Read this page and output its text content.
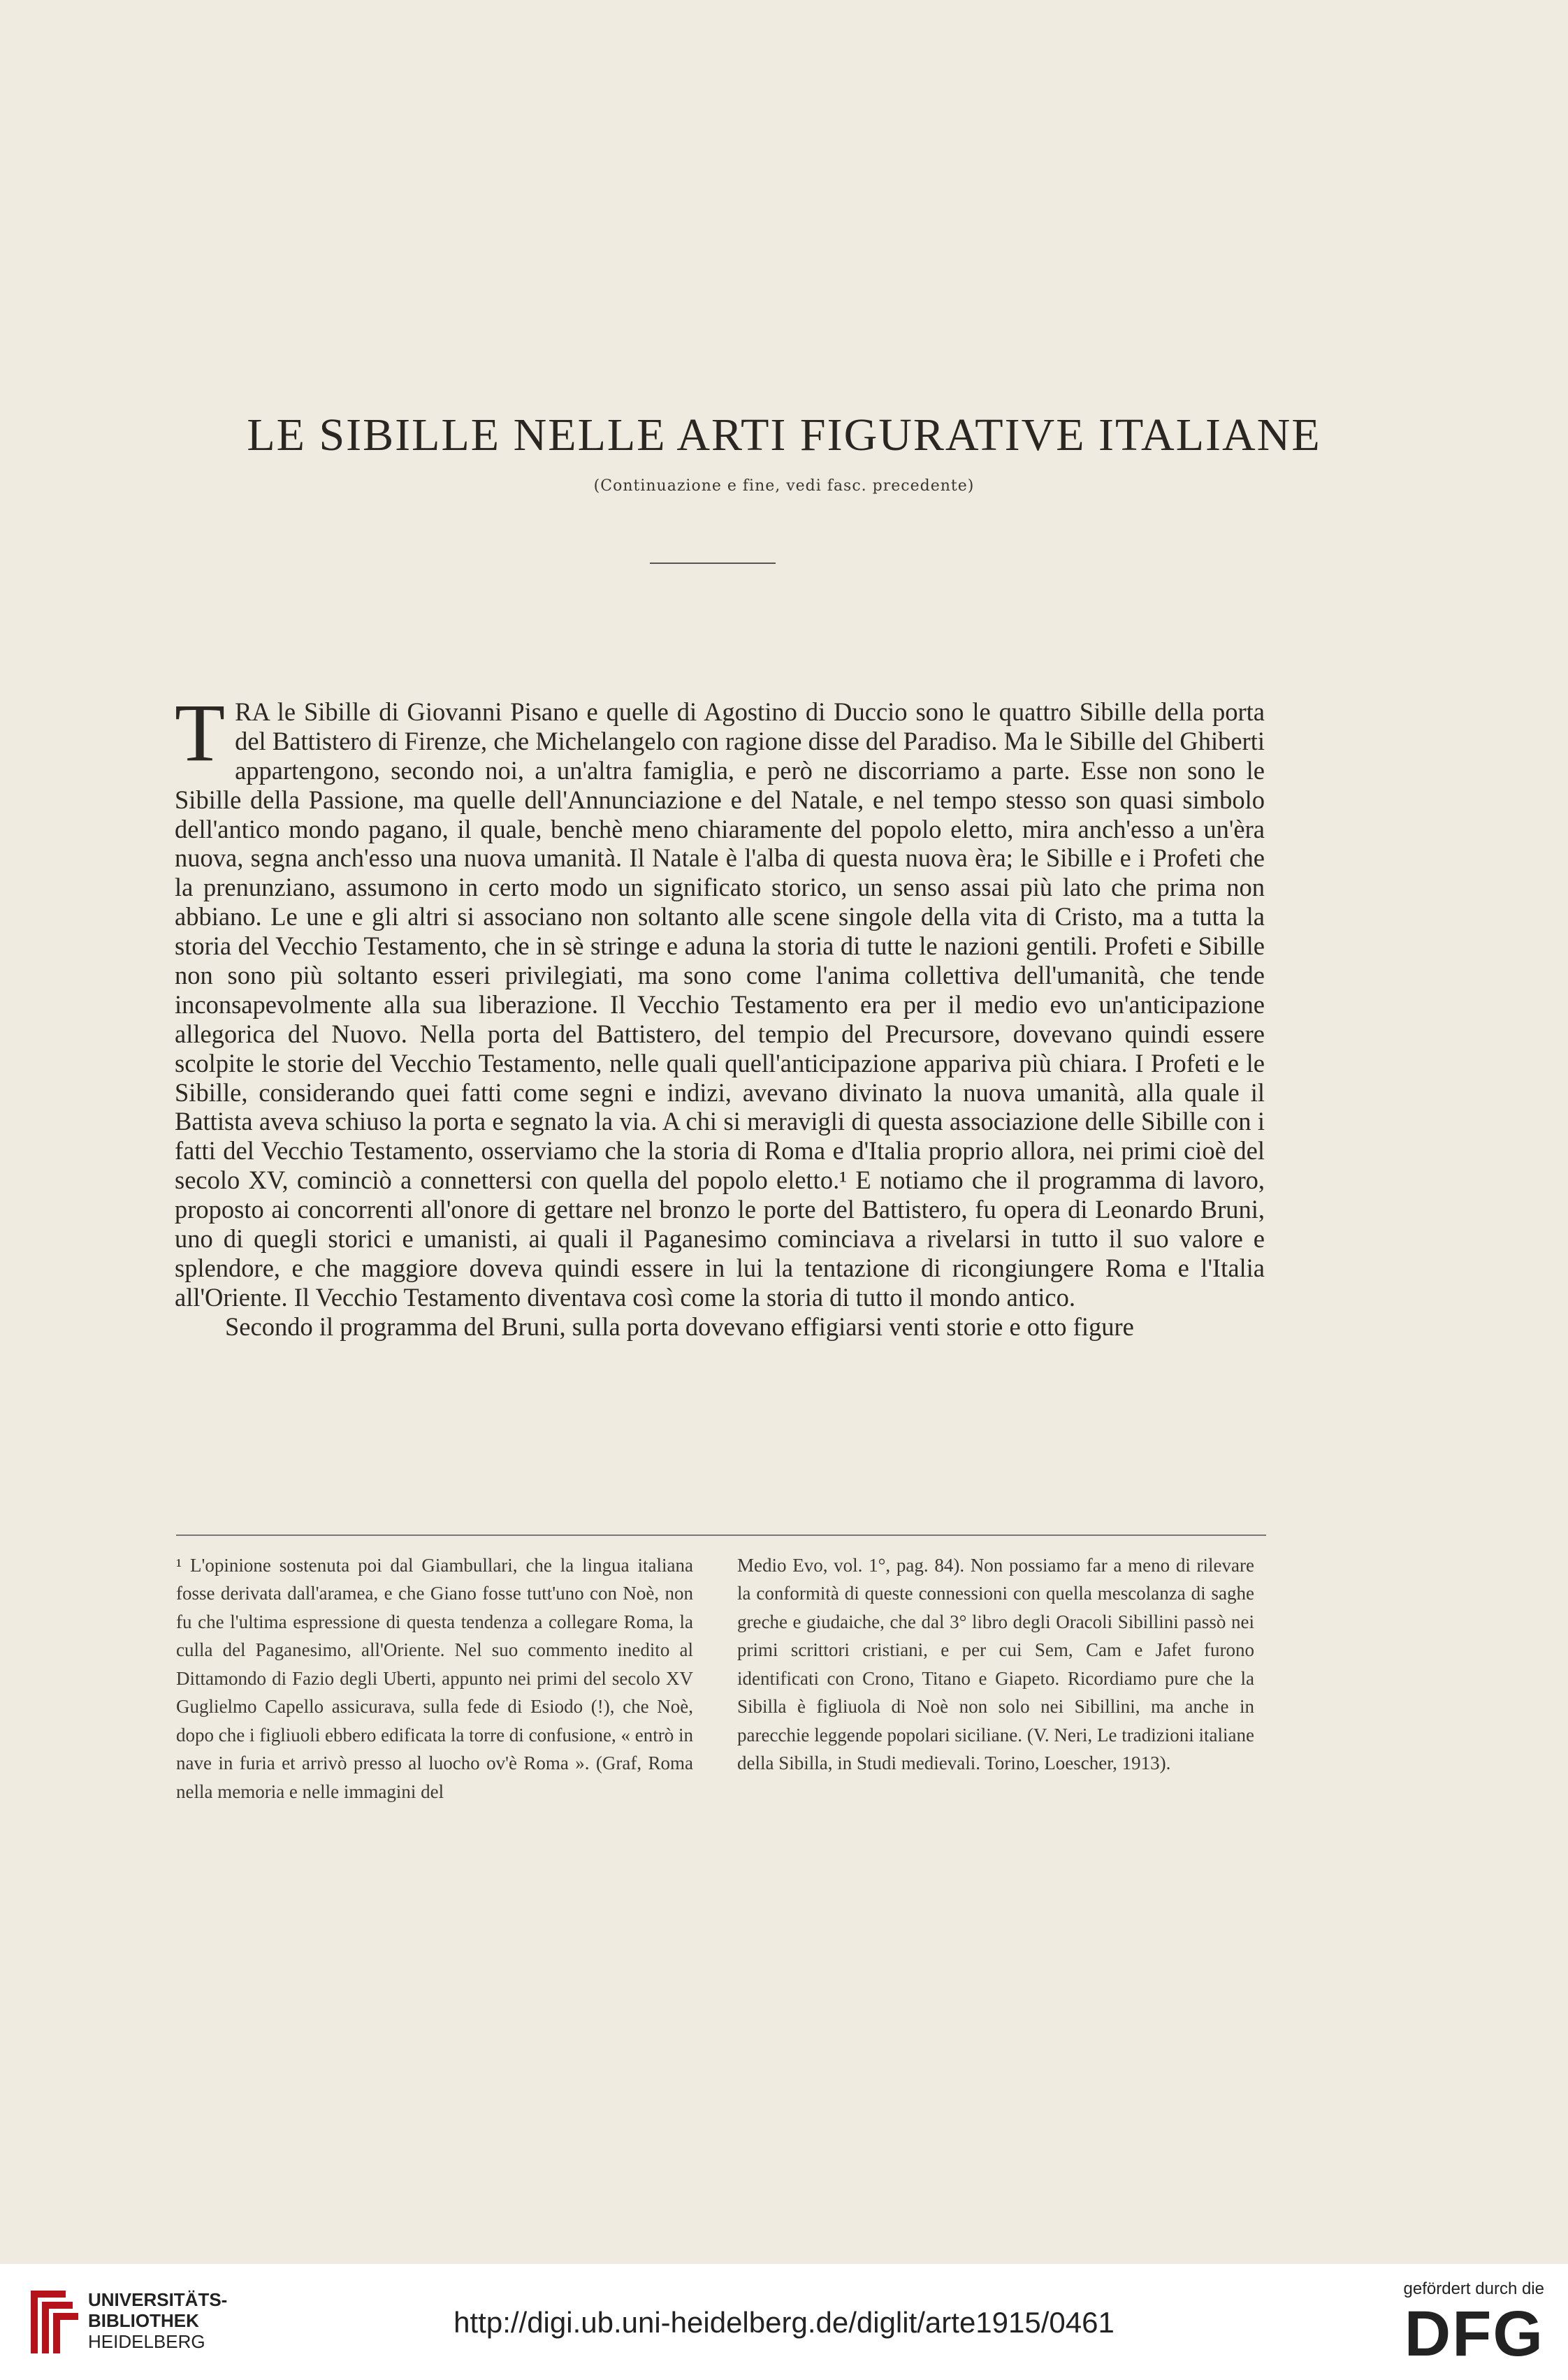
LE SIBILLE NELLE ARTI FIGURATIVE ITALIANE
(Continuazione e fine, vedi fasc. precedente)

TRA le Sibille di Giovanni Pisano e quelle di Agostino di Duccio sono le quattro Sibille della porta del Battistero di Firenze, che Michelangelo con ragione disse del Paradiso. Ma le Sibille del Ghiberti appartengono, secondo noi, a un'altra famiglia, e però ne discorriamo a parte. Esse non sono le Sibille della Passione, ma quelle dell'Annunciazione e del Natale, e nel tempo stesso son quasi simbolo dell'antico mondo pagano, il quale, benchè meno chiaramente del popolo eletto, mira anch'esso a un'èra nuova, segna anch'esso una nuova umanità. Il Natale è l'alba di questa nuova èra; le Sibille e i Profeti che la prenunziano, assumono in certo modo un significato storico, un senso assai più lato che prima non abbiano. Le une e gli altri si associano non soltanto alle scene singole della vita di Cristo, ma a tutta la storia del Vecchio Testamento, che in sè stringe e aduna la storia di tutte le nazioni gentili. Profeti e Sibille non sono più soltanto esseri privilegiati, ma sono come l'anima collettiva dell'umanità, che tende inconsapevolmente alla sua liberazione. Il Vecchio Testamento era per il medio evo un'anticipazione allegorica del Nuovo. Nella porta del Battistero, del tempio del Precursore, dovevano quindi essere scolpite le storie del Vecchio Testamento, nelle quali quell'anticipazione appariva più chiara. I Profeti e le Sibille, considerando quei fatti come segni e indizi, avevano divinato la nuova umanità, alla quale il Battista aveva schiuso la porta e segnato la via. A chi si meravigli di questa associazione delle Sibille con i fatti del Vecchio Testamento, osserviamo che la storia di Roma e d'Italia proprio allora, nei primi cioè del secolo XV, cominciò a connettersi con quella del popolo eletto.¹ E notiamo che il programma di lavoro, proposto ai concorrenti all'onore di gettare nel bronzo le porte del Battistero, fu opera di Leonardo Bruni, uno di quegli storici e umanisti, ai quali il Paganesimo cominciava a rivelarsi in tutto il suo valore e splendore, e che maggiore doveva quindi essere in lui la tentazione di ricongiungere Roma e l'Italia all'Oriente. Il Vecchio Testamento diventava così come la storia di tutto il mondo antico.

Secondo il programma del Bruni, sulla porta dovevano effigiarsi venti storie e otto figure

¹ L'opinione sostenuta poi dal Giambullari, che la lingua italiana fosse derivata dall'aramea, e che Giano fosse tutt'uno con Noè, non fu che l'ultima espressione di questa tendenza a collegare Roma, la culla del Paganesimo, all'Oriente. Nel suo commento inedito al Dittamondo di Fazio degli Uberti, appunto nei primi del secolo XV Guglielmo Capello assicurava, sulla fede di Esiodo (!), che Noè, dopo che i figliuoli ebbero edificata la torre di confusione, « entrò in nave in furia et arrivò presso al luocho ov'è Roma ». (Graf, Roma nella memoria e nelle immagini del

Medio Evo, vol. 1°, pag. 84). Non possiamo far a meno di rilevare la conformità di queste connessioni con quella mescolanza di saghe greche e giudaiche, che dal 3° libro degli Oracoli Sibillini passò nei primi scrittori cristiani, e per cui Sem, Cam e Jafet furono identificati con Crono, Titano e Giapeto. Ricordiamo pure che la Sibilla è figliuola di Noè non solo nei Sibillini, ma anche in parecchie leggende popolari siciliane. (V. Neri, Le tradizioni italiane della Sibilla, in Studi medievali. Torino, Loescher, 1913).

UNIVERSITÄTS-
BIBLIOTHEK
HEIDELBERG
http://digi.ub.uni-heidelberg.de/diglit/arte1915/0461
gefördert durch die
DFG
